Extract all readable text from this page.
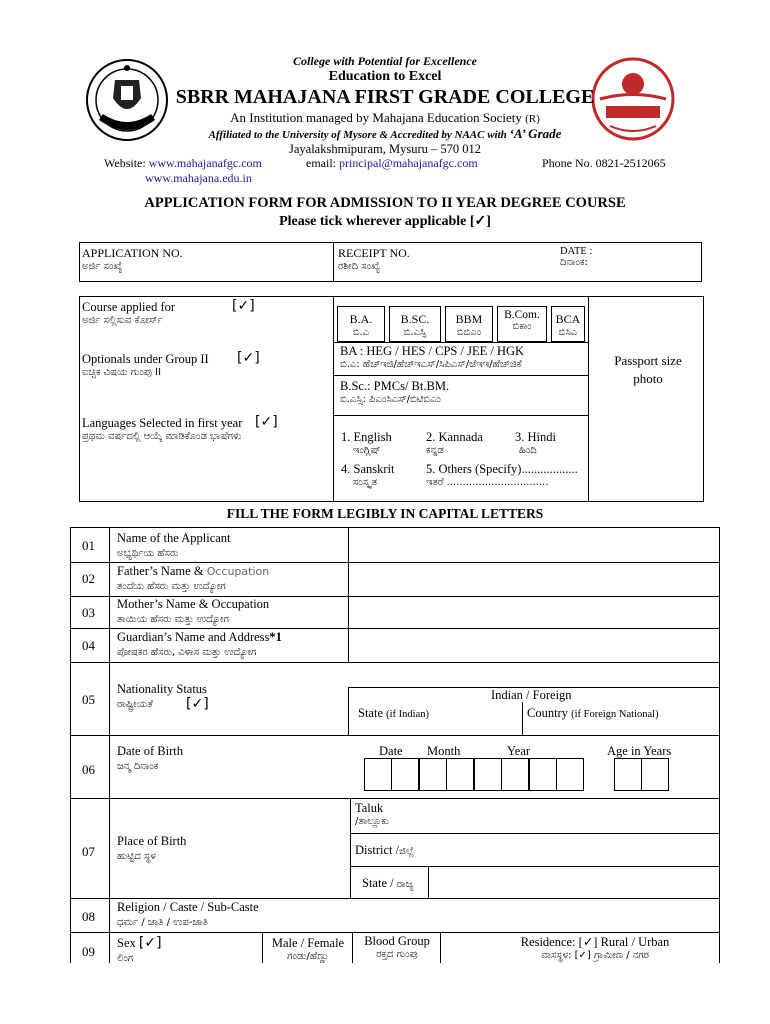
College with Potential for Excellence
Education to Excel
SBRR MAHAJANA FIRST GRADE COLLEGE
An Institution managed by Mahajana Education Society (R)
Affiliated to the University of Mysore & Accredited by NAAC with ‘A’ Grade
Jayalakshmipuram, Mysuru – 570 012
Website: www.mahajanafgc.com
www.mahajana.edu.in
email: principal@mahajanafgc.com	Phone No. 0821-2512065
APPLICATION FORM FOR ADMISSION TO II YEAR DEGREE COURSE
Please tick wherever applicable [✓]
APPLICATION NO.
ಅರ್ಜಿ ಸಂಖ್ಯೆ
RECEIPT NO.
ರಶೀದಿ ಸಂಖ್ಯೆ
DATE :
ದಿನಾಂಕ:
Course applied for
ಅರ್ಜಿ ಸಲ್ಲಿಸುವ ಕೋರ್ಸ್
[✓]
B.A.
ಬಿ.ಎ
B.SC.
ಬಿ.ಎಸ್ಸಿ
BBM
ಬಿಬಿಎಂ
B.Com.
ಬಿಕಾಂ
BCA
ಬಿಸಿಎ
Passport size photo
Optionals under Group II
ಐಚ್ಛಿಕ ವಿಷಯ ಗುಂಪು II
[✓]	BA : HEG / HES / CPS / JEE / HGK
ಬಿ.ಎ: ಹೆಚ್‌ಇಜಿ/ಹೆಚ್‌ಇಎಸ್/ಸಿಪಿಎಸ್/ಜೆಇಇ/ಹೆಚ್‌ಜಿಕೆ
B.Sc.: PMCs/ Bt.BM.
ಬಿ.ಎಸ್ಸಿ: ಪಿಎಂಸಿಎಸ್/ಬಿಟಿಬಿಎಂ
Languages Selected in first year
ಪ್ರಥಮ ವರ್ಷದಲ್ಲಿ ಆಯ್ಕೆ ಮಾಡಿಕೊಂಡ ಭಾಷೆಗಳು
[✓]
1. English
ಇಂಗ್ಲಿಷ್
2. Kannada
ಕನ್ನಡ
3. Hindi
ಹಿಂದಿ
4. Sanskrit
ಸಂಸ್ಕೃತ
5. Others (Specify)..................
ಇತರೆ ................................
FILL THE FORM LEGIBLY IN CAPITAL LETTERS
01	Name of the Applicant
ಅಭ್ಯರ್ಥಿಯ ಹೆಸರು
02	Father’s Name & Occupation
ತಂದೆಯ ಹೆಸರು ಮತ್ತು ಉದ್ಯೋಗ
03
Mother’s Name & Occupation
ತಾಯಿಯ ಹೆಸರು ಮತ್ತು ಉದ್ಯೋಗ
04
Guardian’s Name and Address*1
ಪೋಷಕರ ಹೆಸರು, ವಿಳಾಸ ಮತ್ತು ಉದ್ಯೋಗ
05
Nationality Status
ರಾಷ್ಟ್ರೀಯತೆ	[✓]
Indian / Foreign
State (if Indian)	Country (if Foreign National)
06
Date of Birth
ಜನ್ಮ ದಿನಾಂಕ
Date Month	Year	Age in Years
07
Place of Birth
ಹುಟ್ಟಿದ ಸ್ಥಳ
Taluk
/ತಾಲ್ಲೂಕು
District /ಜಿಲ್ಲೆ
State / ರಾಜ್ಯ
08
Religion / Caste / Sub-Caste
ಧರ್ಮ / ಜಾತಿ / ಉಪ-ಜಾತಿ
09
Sex [✓]
ಲಿಂಗ
Male / Female
ಗಂಡು/ಹೆಣ್ಣು
Blood Group
ರಕ್ತದ ಗುಂಪು
Residence: [✓] Rural / Urban
ವಾಸಸ್ಥಳ: [✓] ಗ್ರಾಮೀಣ / ನಗರ
